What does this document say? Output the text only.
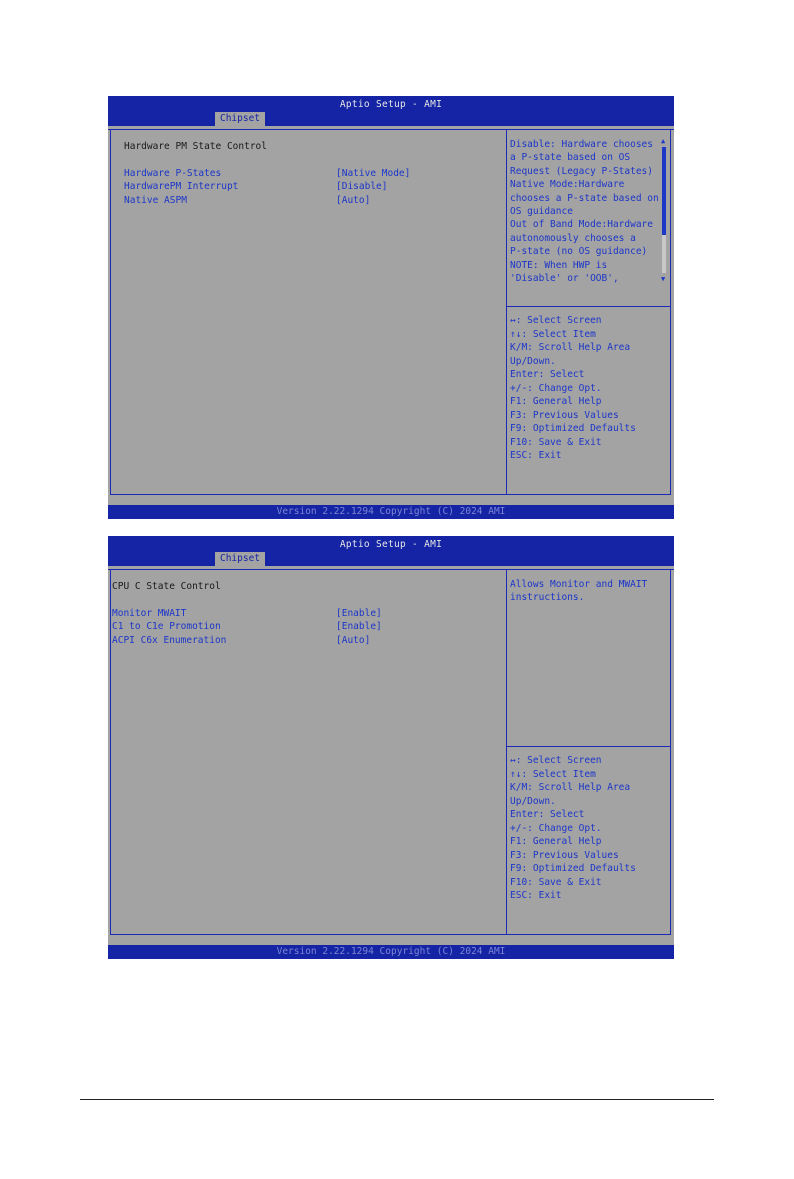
Aptio Setup - AMI
Chipset
Hardware PM State Control
Hardware P-States	[Native Mode]
HardwarePM Interrupt	[Disable]
Native ASPM	[Auto]
Disable: Hardware chooses
a P-state based on OS
Request (Legacy P-States)
Native Mode:Hardware
chooses a P-state based on
OS guidance
Out of Band Mode:Hardware
autonomously chooses a
P-state (no OS guidance)
NOTE: When HWP is
'Disable' or 'OOB',
▲
▼
↔: Select Screen
↑↓: Select Item
K/M: Scroll Help Area
Up/Down.
Enter: Select
+/-: Change Opt.
F1: General Help
F3: Previous Values
F9: Optimized Defaults
F10: Save & Exit
ESC: Exit
Version 2.22.1294 Copyright (C) 2024 AMI
Aptio Setup - AMI
Chipset
CPU C State Control
Monitor MWAIT	[Enable]
C1 to C1e Promotion	[Enable]
ACPI C6x Enumeration	[Auto]
Allows Monitor and MWAIT
instructions.
↔: Select Screen
↑↓: Select Item
K/M: Scroll Help Area
Up/Down.
Enter: Select
+/-: Change Opt.
F1: General Help
F3: Previous Values
F9: Optimized Defaults
F10: Save & Exit
ESC: Exit
Version 2.22.1294 Copyright (C) 2024 AMI
